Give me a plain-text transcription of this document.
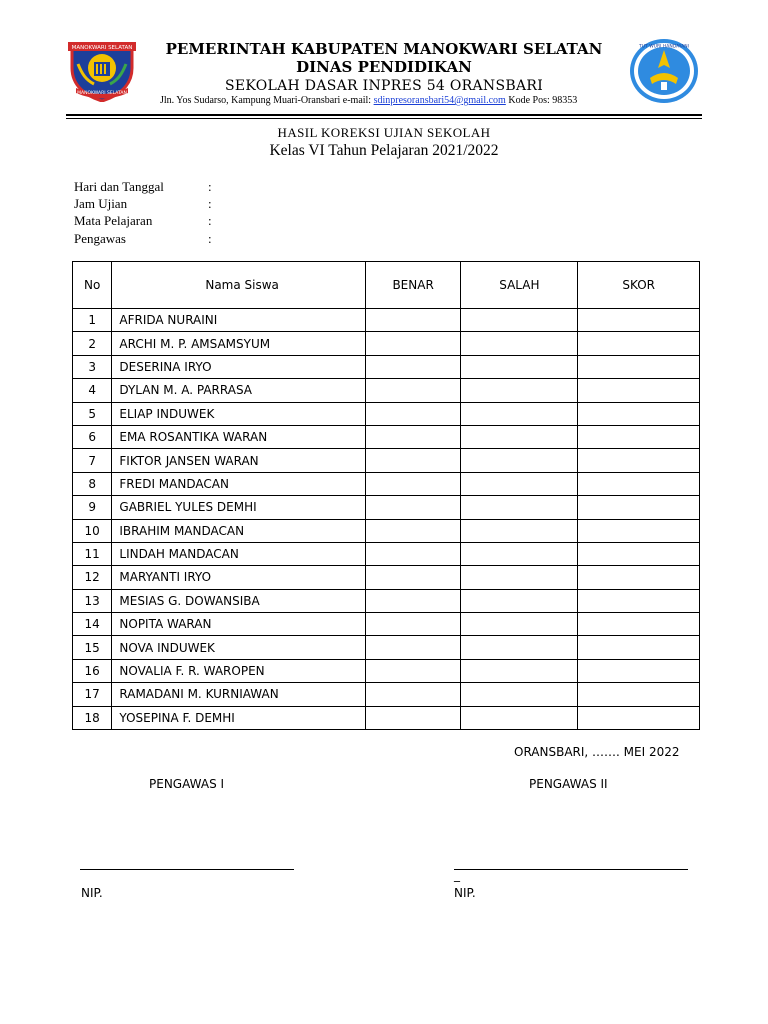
MANOKWARI SELATAN
MANOKWARI SELATAN
TUT WURI HANDAYANI
PEMERINTAH KABUPATEN MANOKWARI SELATAN
DINAS PENDIDIKAN
SEKOLAH DASAR INPRES 54 ORANSBARI
Jln. Yos Sudarso, Kampung Muari-Oransbari e-mail: sdinpresoransbari54@gmail.com Kode Pos: 98353
HASIL KOREKSI UJIAN SEKOLAH
Kelas VI Tahun Pelajaran 2021/2022
Hari dan Tanggal	:
Jam Ujian	:
Mata Pelajaran	:
Pengawas	:
No	Nama Siswa	BENAR	SALAH	SKOR
1	AFRIDA NURAINI			
2	ARCHI M. P. AMSAMSYUM			
3	DESERINA IRYO			
4	DYLAN M. A. PARRASA			
5	ELIAP INDUWEK			
6	EMA ROSANTIKA WARAN			
7	FIKTOR JANSEN WARAN			
8	FREDI MANDACAN			
9	GABRIEL YULES DEMHI			
10	IBRAHIM MANDACAN			
11	LINDAH MANDACAN			
12	MARYANTI IRYO			
13	MESIAS G. DOWANSIBA			
14	NOPITA WARAN			
15	NOVA INDUWEK			
16	NOVALIA F. R. WAROPEN			
17	RAMADANI M. KURNIAWAN			
18	YOSEPINA F. DEMHI			
ORANSBARI, ……. MEI 2022
PENGAWAS I	PENGAWAS II
_
NIP.	NIP.
